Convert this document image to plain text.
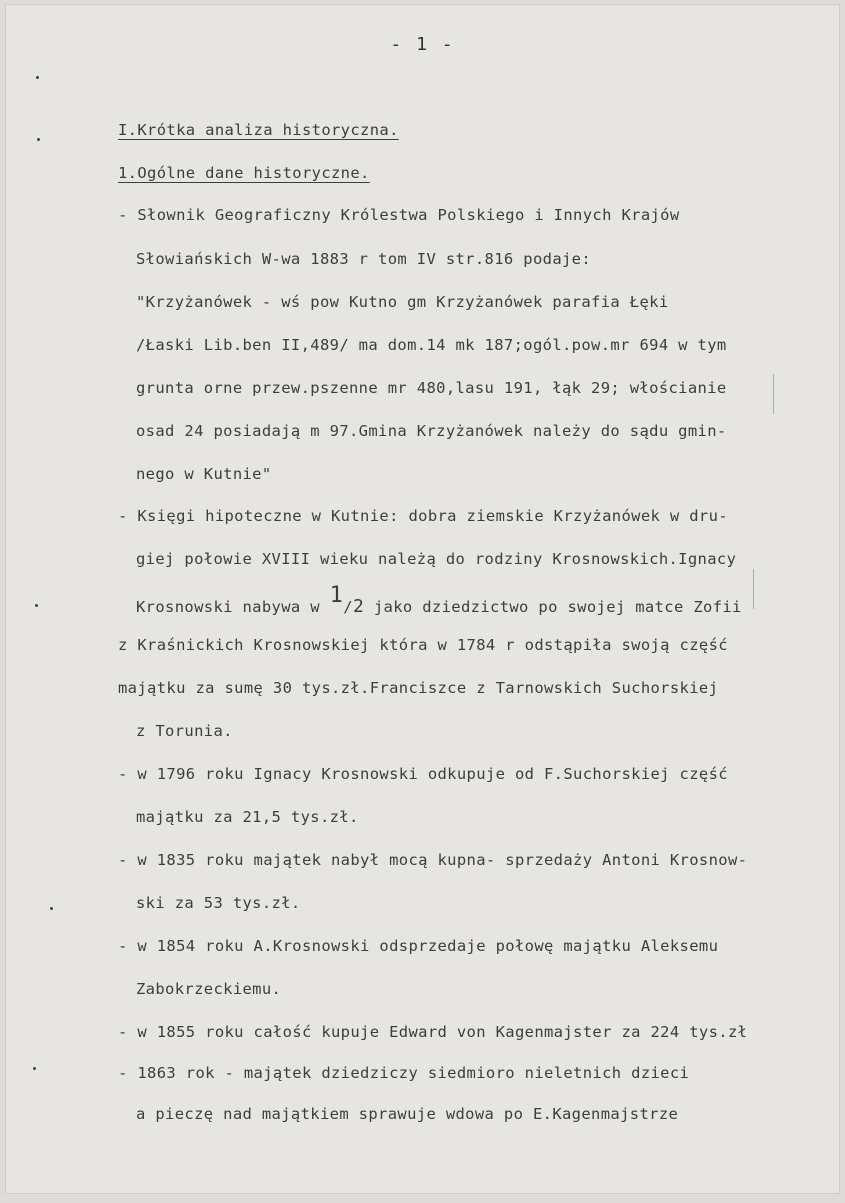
- 1 -
I.Krótka analiza historyczna.
1.Ogólne dane historyczne.
- Słownik Geograficzny Królestwa Polskiego i Innych Krajów
Słowiańskich W-wa 1883 r tom IV str.816 podaje:
"Krzyżanówek - wś pow Kutno gm Krzyżanówek parafia Łęki
/Łaski Lib.ben II,489/ ma dom.14 mk 187;ogól.pow.mr 694 w tym
grunta orne przew.pszenne mr 480,lasu 191, łąk 29; włościanie
osad 24 posiadają m 97.Gmina Krzyżanówek należy do sądu gmin-
nego w Kutnie"
- Księgi hipoteczne w Kutnie: dobra ziemskie Krzyżanówek w dru-
giej połowie XVIII wieku należą do rodziny Krosnowskich.Ignacy
Krosnowski nabywa w $^1$/2 jako dziedzictwo po swojej matce Zofii
z Kraśnickich Krosnowskiej która w 1784 r odstąpiła swoją część
majątku za sumę 30 tys.zł.Franciszce z Tarnowskich Suchorskiej
z Torunia.
- w 1796 roku Ignacy Krosnowski odkupuje od F.Suchorskiej część
majątku za 21,5 tys.zł.
- w 1835 roku majątek nabył mocą kupna- sprzedaży Antoni Krosnow-
ski za 53 tys.zł.
- w 1854 roku A.Krosnowski odsprzedaje połowę majątku Aleksemu
Zabokrzeckiemu.
- w 1855 roku całość kupuje Edward von Kagenmajster za 224 tys.zł
- 1863 rok - majątek dziedziczy siedmioro nieletnich dzieci
a pieczę nad majątkiem sprawuje wdowa po E.Kagenmajstrze
